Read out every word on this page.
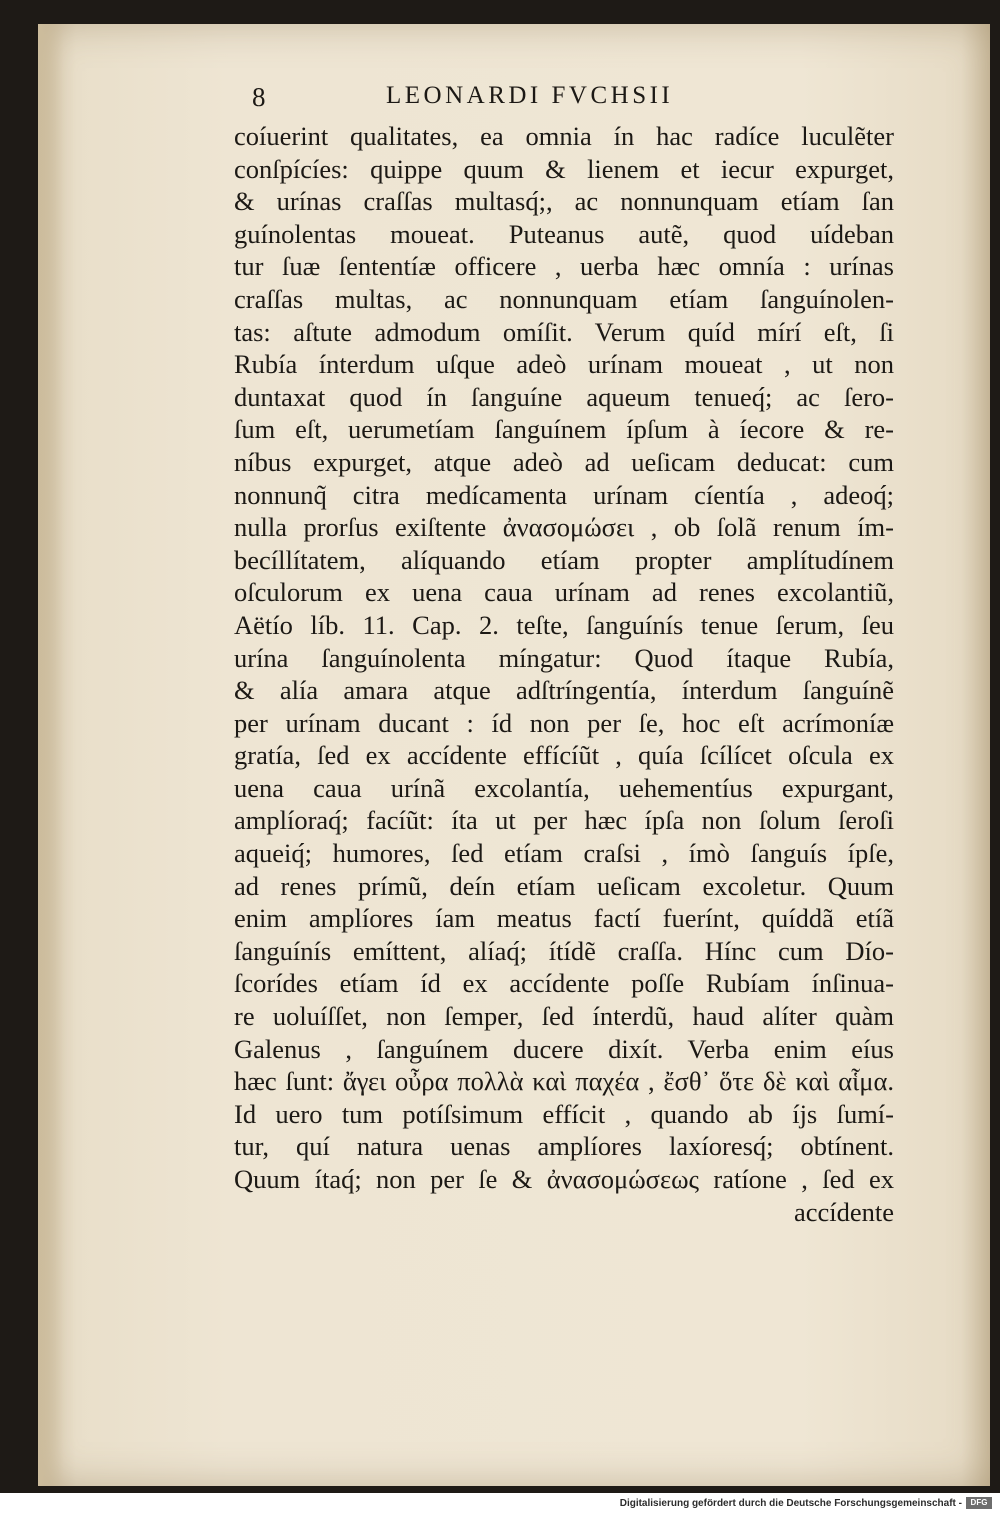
8	LEONARDI FVCHSII
coíuerint qualitates, ea omnia ín hac radíce luculẽter
conſpícíes: quippe quum & lienem et iecur expurget,
& urínas craſſas multasq́;, ac nonnunquam etíam ſan
guínolentas moueat. Puteanus autẽ, quod uídeban
tur ſuæ ſententíæ officere , uerba hæc omnía : urínas
craſſas multas, ac nonnunquam etíam ſanguínolen-
tas: aſtute admodum omíſit. Verum quíd mírí eſt, ſi
Rubía ínterdum uſque adeò urínam moueat , ut non
duntaxat quod ín ſanguíne aqueum tenueq́; ac ſero-
ſum eſt, uerumetíam ſanguínem ípſum à íecore & re-
níbus expurget, atque adeò ad ueſicam deducat: cum
nonnunq̃ citra medícamenta urínam cíentía , adeoq́;
nulla prorſus exiſtente ἀνασομώσει , ob ſolã renum ím-
becíllítatem, alíquando etíam propter amplítudínem
oſculorum ex uena caua urínam ad renes excolantiũ,
Aëtío líb. 11. Cap. 2. teſte, ſanguínís tenue ſerum, ſeu
urína ſanguínolenta míngatur: Quod ítaque Rubía,
& alía amara atque adſtríngentía, ínterdum ſanguínẽ
per urínam ducant : íd non per ſe, hoc eſt acrímoníæ
gratía, ſed ex accídente effícíũt , quía ſcílícet oſcula ex
uena caua urínã excolantía, uehementíus expurgant,
amplíoraq́; facíũt: íta ut per hæc ípſa non ſolum ſeroſi
aqueiq́; humores, ſed etíam craſsi , ímò ſanguís ípſe,
ad renes prímũ, deín etíam ueſicam excoletur. Quum
enim amplíores íam meatus factí fuerínt, quíddã etíã
ſanguínís emíttent, alíaq́; ítídẽ craſſa. Hínc cum Dío-
ſcorídes etíam íd ex accídente poſſe Rubíam ínſinua-
re uoluíſſet, non ſemper, ſed ínterdũ, haud alíter quàm
Galenus , ſanguínem ducere dixít. Verba enim eíus
hæc ſunt: ἄγει οὖρα πολλὰ καὶ παχέα , ἔσθ᾽ ὅτε δὲ καὶ αἷμα.
Id uero tum potíſsimum effícit , quando ab íjs ſumí-
tur, quí natura uenas amplíores laxíoresq́; obtínent.
Quum ítaq́; non per ſe & ἀνασομώσεως ratíone , ſed ex
accídente
Digitalisierung gefördert durch die Deutsche Forschungsgemeinschaft -	DFG
